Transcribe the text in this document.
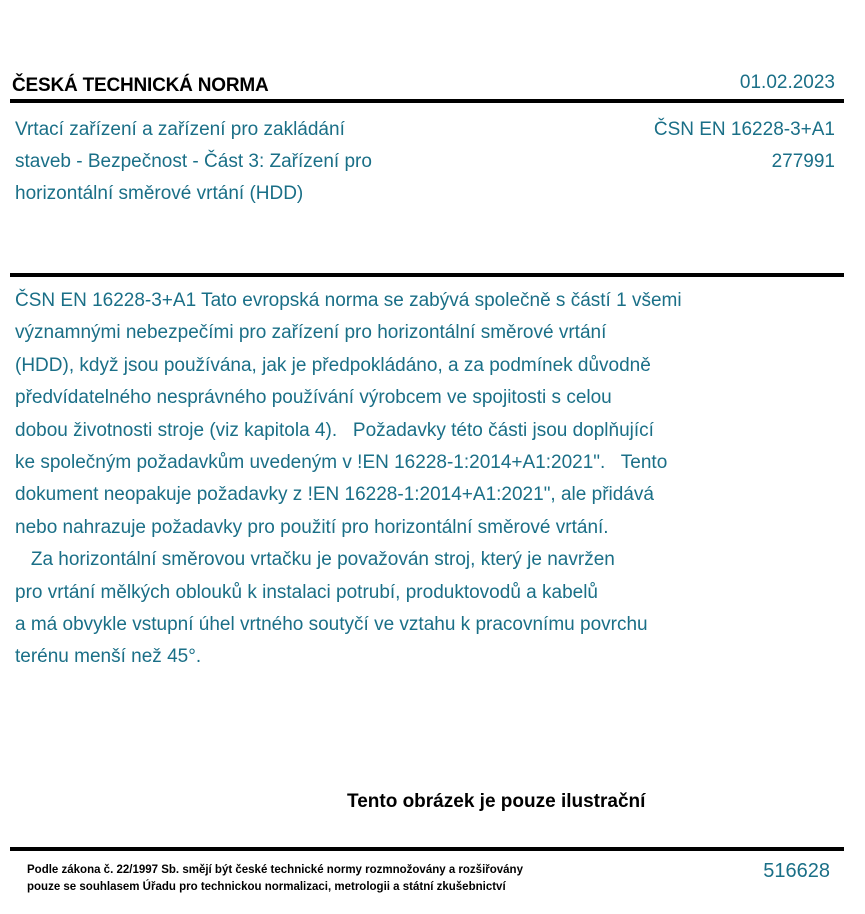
ČESKÁ TECHNICKÁ NORMA	01.02.2023
Vrtací zařízení a zařízení pro zakládání
staveb - Bezpečnost - Část 3: Zařízení pro
horizontální směrové vrtání (HDD)
ČSN EN 16228-3+A1
277991

ČSN EN 16228-3+A1 Tato evropská norma se zabývá společně s částí 1 všemi

významnými nebezpečími pro zařízení pro horizontální směrové vrtání

(HDD), když jsou používána, jak je předpokládáno, a za podmínek důvodně

předvídatelného nesprávného používání výrobcem ve spojitosti s celou

dobou životnosti stroje (viz kapitola 4).   Požadavky této části jsou doplňující

ke společným požadavkům uvedeným v !EN 16228-1:2014+A1:2021".   Tento

dokument neopakuje požadavky z !EN 16228-1:2014+A1:2021", ale přidává

nebo nahrazuje požadavky pro použití pro horizontální směrové vrtání.

Za horizontální směrovou vrtačku je považován stroj, který je navržen

pro vrtání mělkých oblouků k instalaci potrubí, produktovodů a kabelů

a má obvykle vstupní úhel vrtného soutyčí ve vztahu k pracovnímu povrchu

terénu menší než 45°.

Tento obrázek je pouze ilustrační
Podle zákona č. 22/1997 Sb. smějí být české technické normy rozmnožovány a rozšiřovány
pouze se souhlasem Úřadu pro technickou normalizaci, metrologii a státní zkušebnictví
516628
